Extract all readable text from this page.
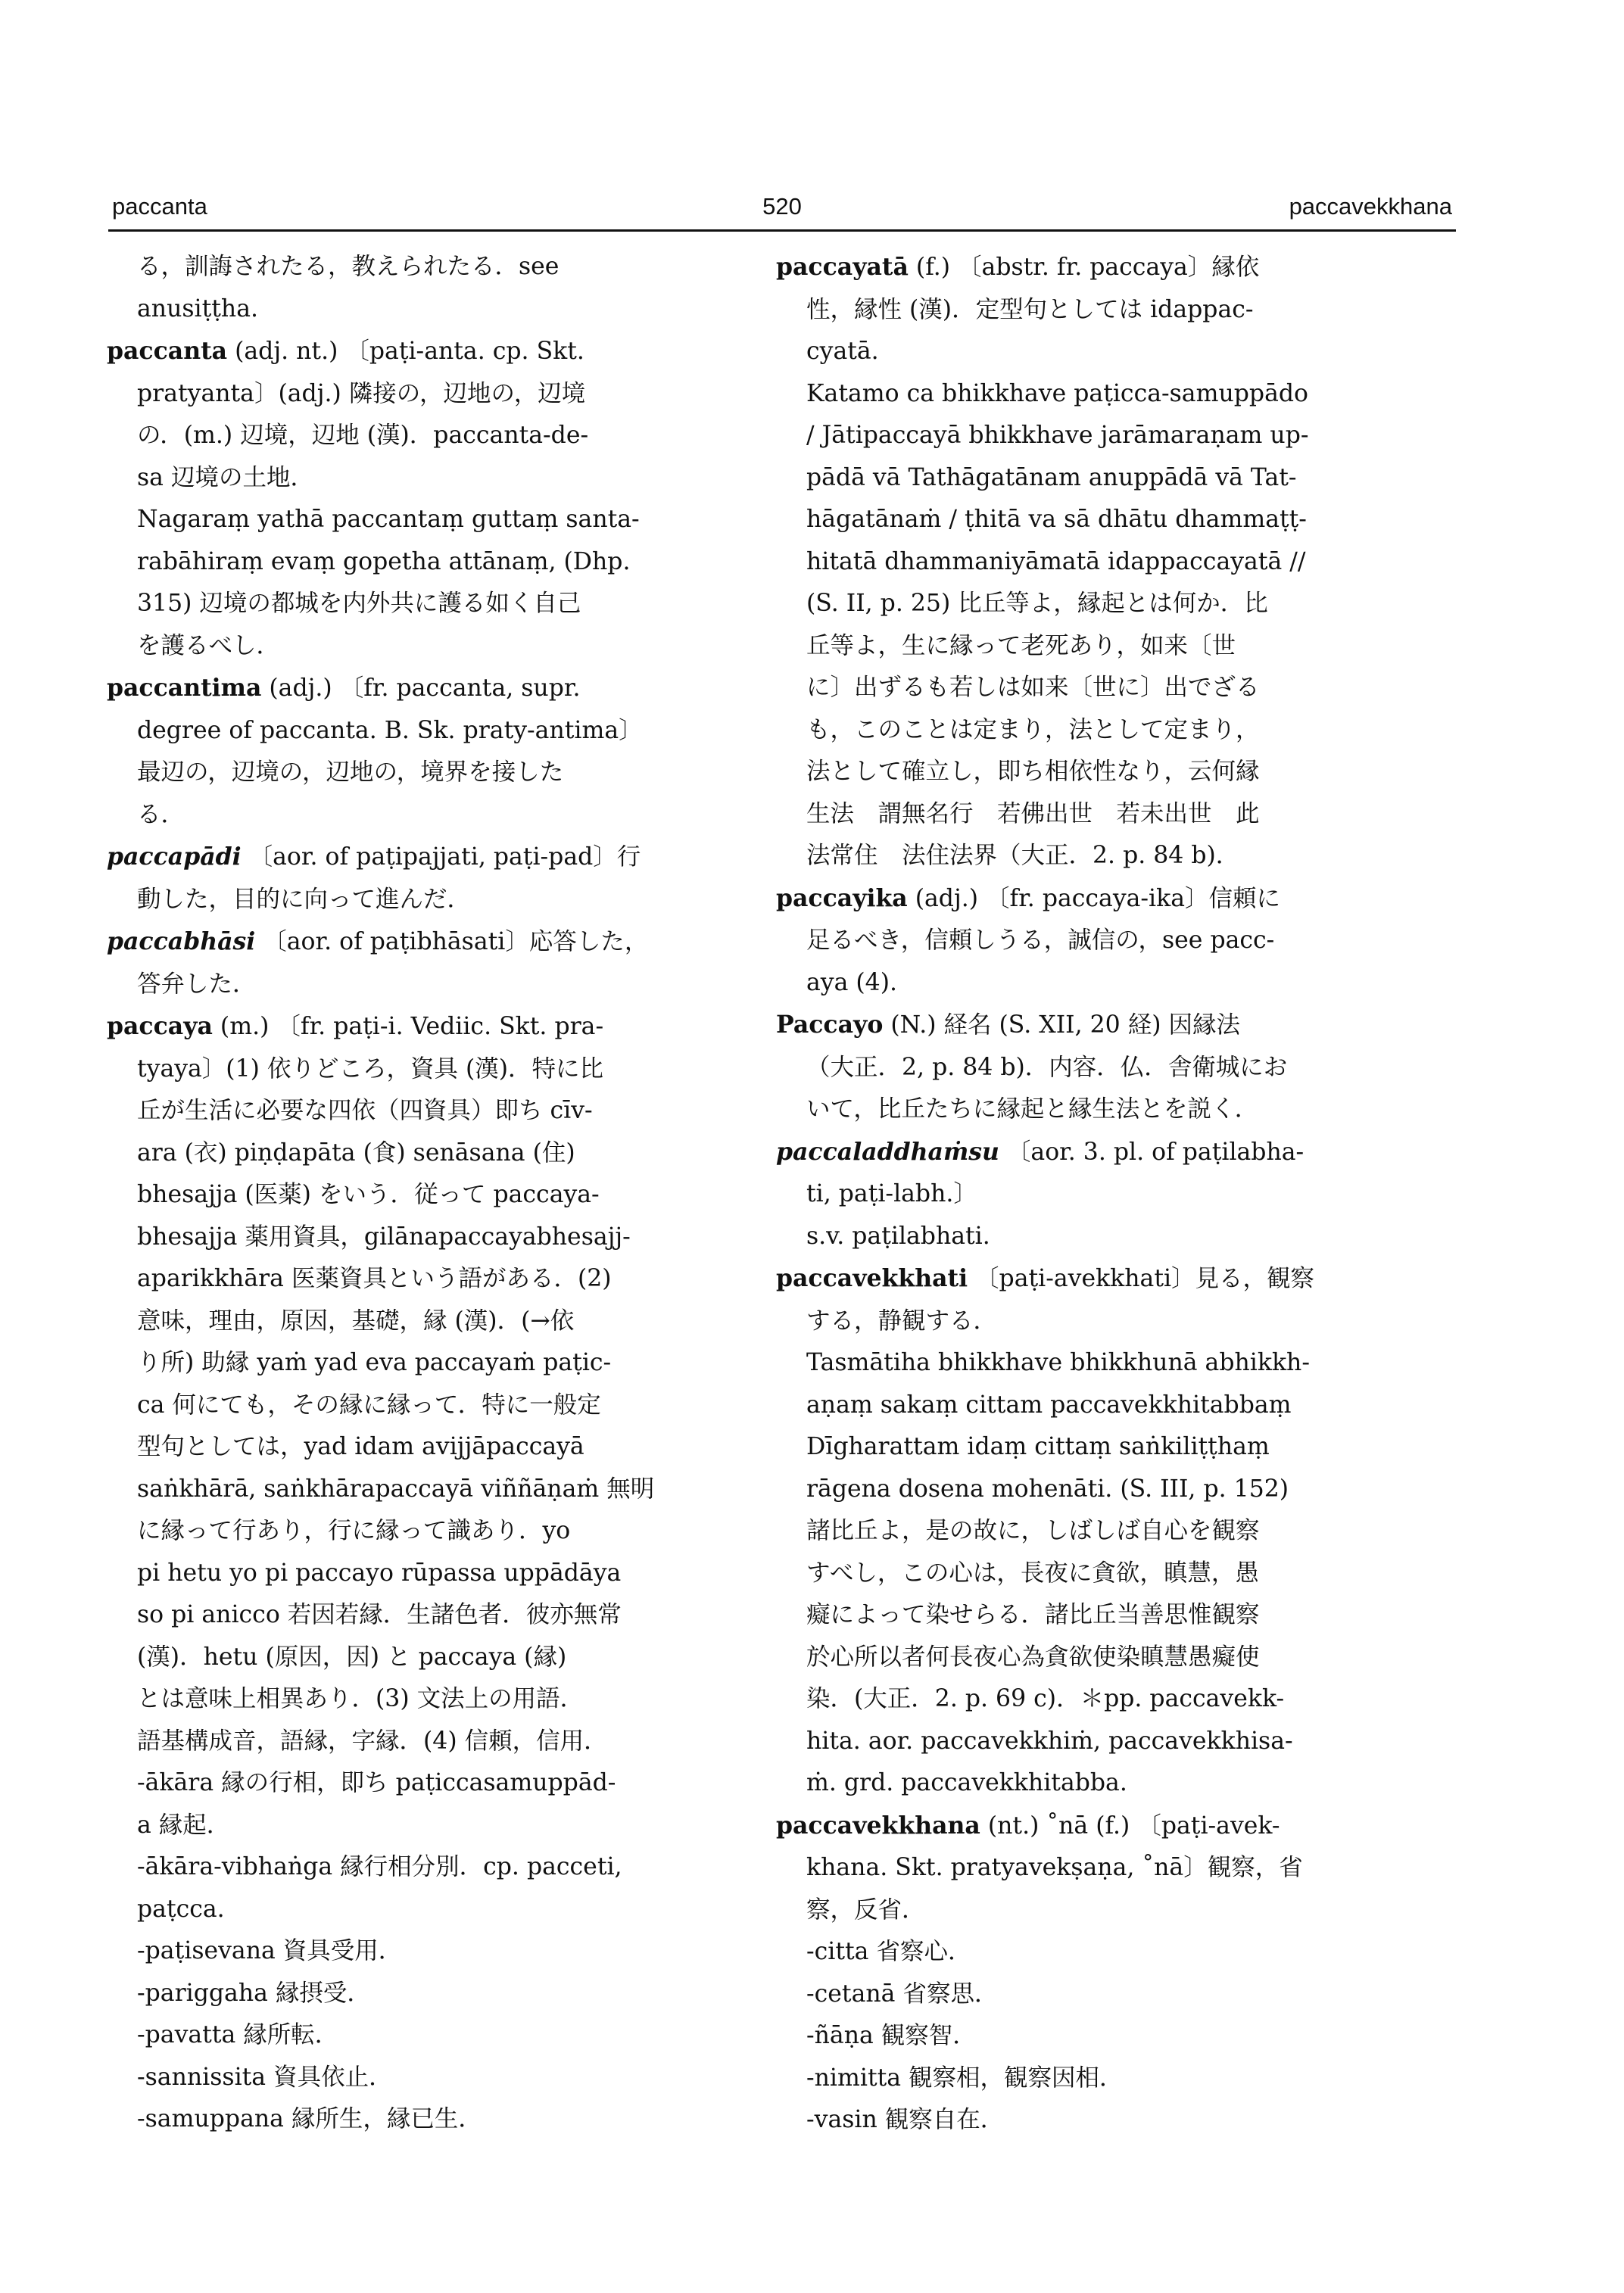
paccanta	520	paccavekkhana
る，訓誨されたる，教えられたる．see
anusiṭṭha.
paccanta (adj. nt.) 〔paṭi-anta. cp. Skt.
pratyanta〕(adj.) 隣接の，辺地の，辺境
の．(m.) 辺境，辺地 (漢)．paccanta-de-
sa 辺境の土地．
Nagaraṃ yathā paccantaṃ guttaṃ santa-
rabāhiraṃ evaṃ gopetha attānaṃ, (Dhp.
315) 辺境の都城を内外共に護る如く自己
を護るべし．
paccantima (adj.) 〔fr. paccanta, supr.
degree of paccanta. B. Sk. praty-antima〕
最辺の，辺境の，辺地の，境界を接した
る．
paccapādi 〔aor. of paṭipajjati, paṭi-pad〕行
動した，目的に向って進んだ．
paccabhāsi 〔aor. of paṭibhāsati〕応答した，
答弁した．
paccaya (m.) 〔fr. paṭi-i. Vediic. Skt. pra-
tyaya〕(1) 依りどころ，資具 (漢)．特に比
丘が生活に必要な四依（四資具）即ち cīv-
ara (衣) piṇḍapāta (食) senāsana (住)
bhesajja (医薬) をいう．従って paccaya-
bhesajja 薬用資具，gilānapaccayabhesajj-
aparikkhāra 医薬資具という語がある．(2)
意味，理由，原因，基礎，縁 (漢)．(→依
り所) 助縁 yaṁ yad eva paccayaṁ paṭic-
ca 何にても，その縁に縁って．特に一般定
型句としては，yad idam avijjāpaccayā
saṅkhārā, saṅkhārapaccayā viññāṇaṁ 無明
に縁って行あり，行に縁って識あり．yo
pi hetu yo pi paccayo rūpassa uppādāya
so pi anicco 若因若縁．生諸色者．彼亦無常
(漢)．hetu (原因，因) と paccaya (縁)
とは意味上相異あり．(3) 文法上の用語．
語基構成音，語縁，字縁．(4) 信頼，信用．
-ākāra 縁の行相，即ち paṭiccasamuppād-
a 縁起．
-ākāra-vibhaṅga 縁行相分別．cp. pacceti,
paṭcca.
-paṭisevana 資具受用．
-pariggaha 縁摂受．
-pavatta 縁所転．
-sannissita 資具依止．
-samuppana 縁所生，縁已生．
paccayatā (f.) 〔abstr. fr. paccaya〕縁依
性，縁性 (漢)．定型句としては idappac-
cyatā.
Katamo ca bhikkhave paṭicca-samuppādo
/ Jātipaccayā bhikkhave jarāmaraṇam up-
pādā vā Tathāgatānam anuppādā vā Tat-
hāgatānaṁ / ṭhitā va sā dhātu dhammaṭṭ-
hitatā dhammaniyāmatā idappaccayatā //
(S. II, p. 25) 比丘等よ，縁起とは何か．比
丘等よ，生に縁って老死あり，如来〔世
に〕出ずるも若しは如来〔世に〕出でざる
も，このことは定まり，法として定まり，
法として確立し，即ち相依性なり，云何縁
生法　謂無名行　若佛出世　若未出世　此
法常住　法住法界（大正．2. p. 84 b)．
paccayika (adj.) 〔fr. paccaya-ika〕信頼に
足るべき，信頼しうる，誠信の，see pacc-
aya (4).
Paccayo (N.) 経名 (S. XII, 20 経) 因縁法
（大正．2, p. 84 b)．内容．仏．舎衛城にお
いて，比丘たちに縁起と縁生法とを説く．
paccaladdhaṁsu 〔aor. 3. pl. of paṭilabha-
ti, paṭi-labh.〕
s.v. paṭilabhati.
paccavekkhati 〔paṭi-avekkhati〕見る，観察
する，静観する．
Tasmātiha bhikkhave bhikkhunā abhikkh-
aṇaṃ sakaṃ cittam paccavekkhitabbaṃ
Dīgharattam idaṃ cittaṃ saṅkiliṭṭhaṃ
rāgena dosena mohenāti. (S. III, p. 152)
諸比丘よ，是の故に，しばしば自心を観察
すべし，この心は，長夜に貪欲，瞋慧，愚
癡によって染せらる．諸比丘当善思惟観察
於心所以者何長夜心為貪欲使染瞋慧愚癡使
染．(大正．2. p. 69 c)．＊pp. paccavekk-
hita. aor. paccavekkhiṁ, paccavekkhisa-
ṁ. grd. paccavekkhitabba.
paccavekkhana (nt.) ˚nā (f.) 〔paṭi-avek-
khana. Skt. pratyavekṣaṇa, ˚nā〕観察，省
察，反省．
-citta 省察心．
-cetanā 省察思．
-ñāṇa 観察智．
-nimitta 観察相，観察因相．
-vasin 観察自在．
